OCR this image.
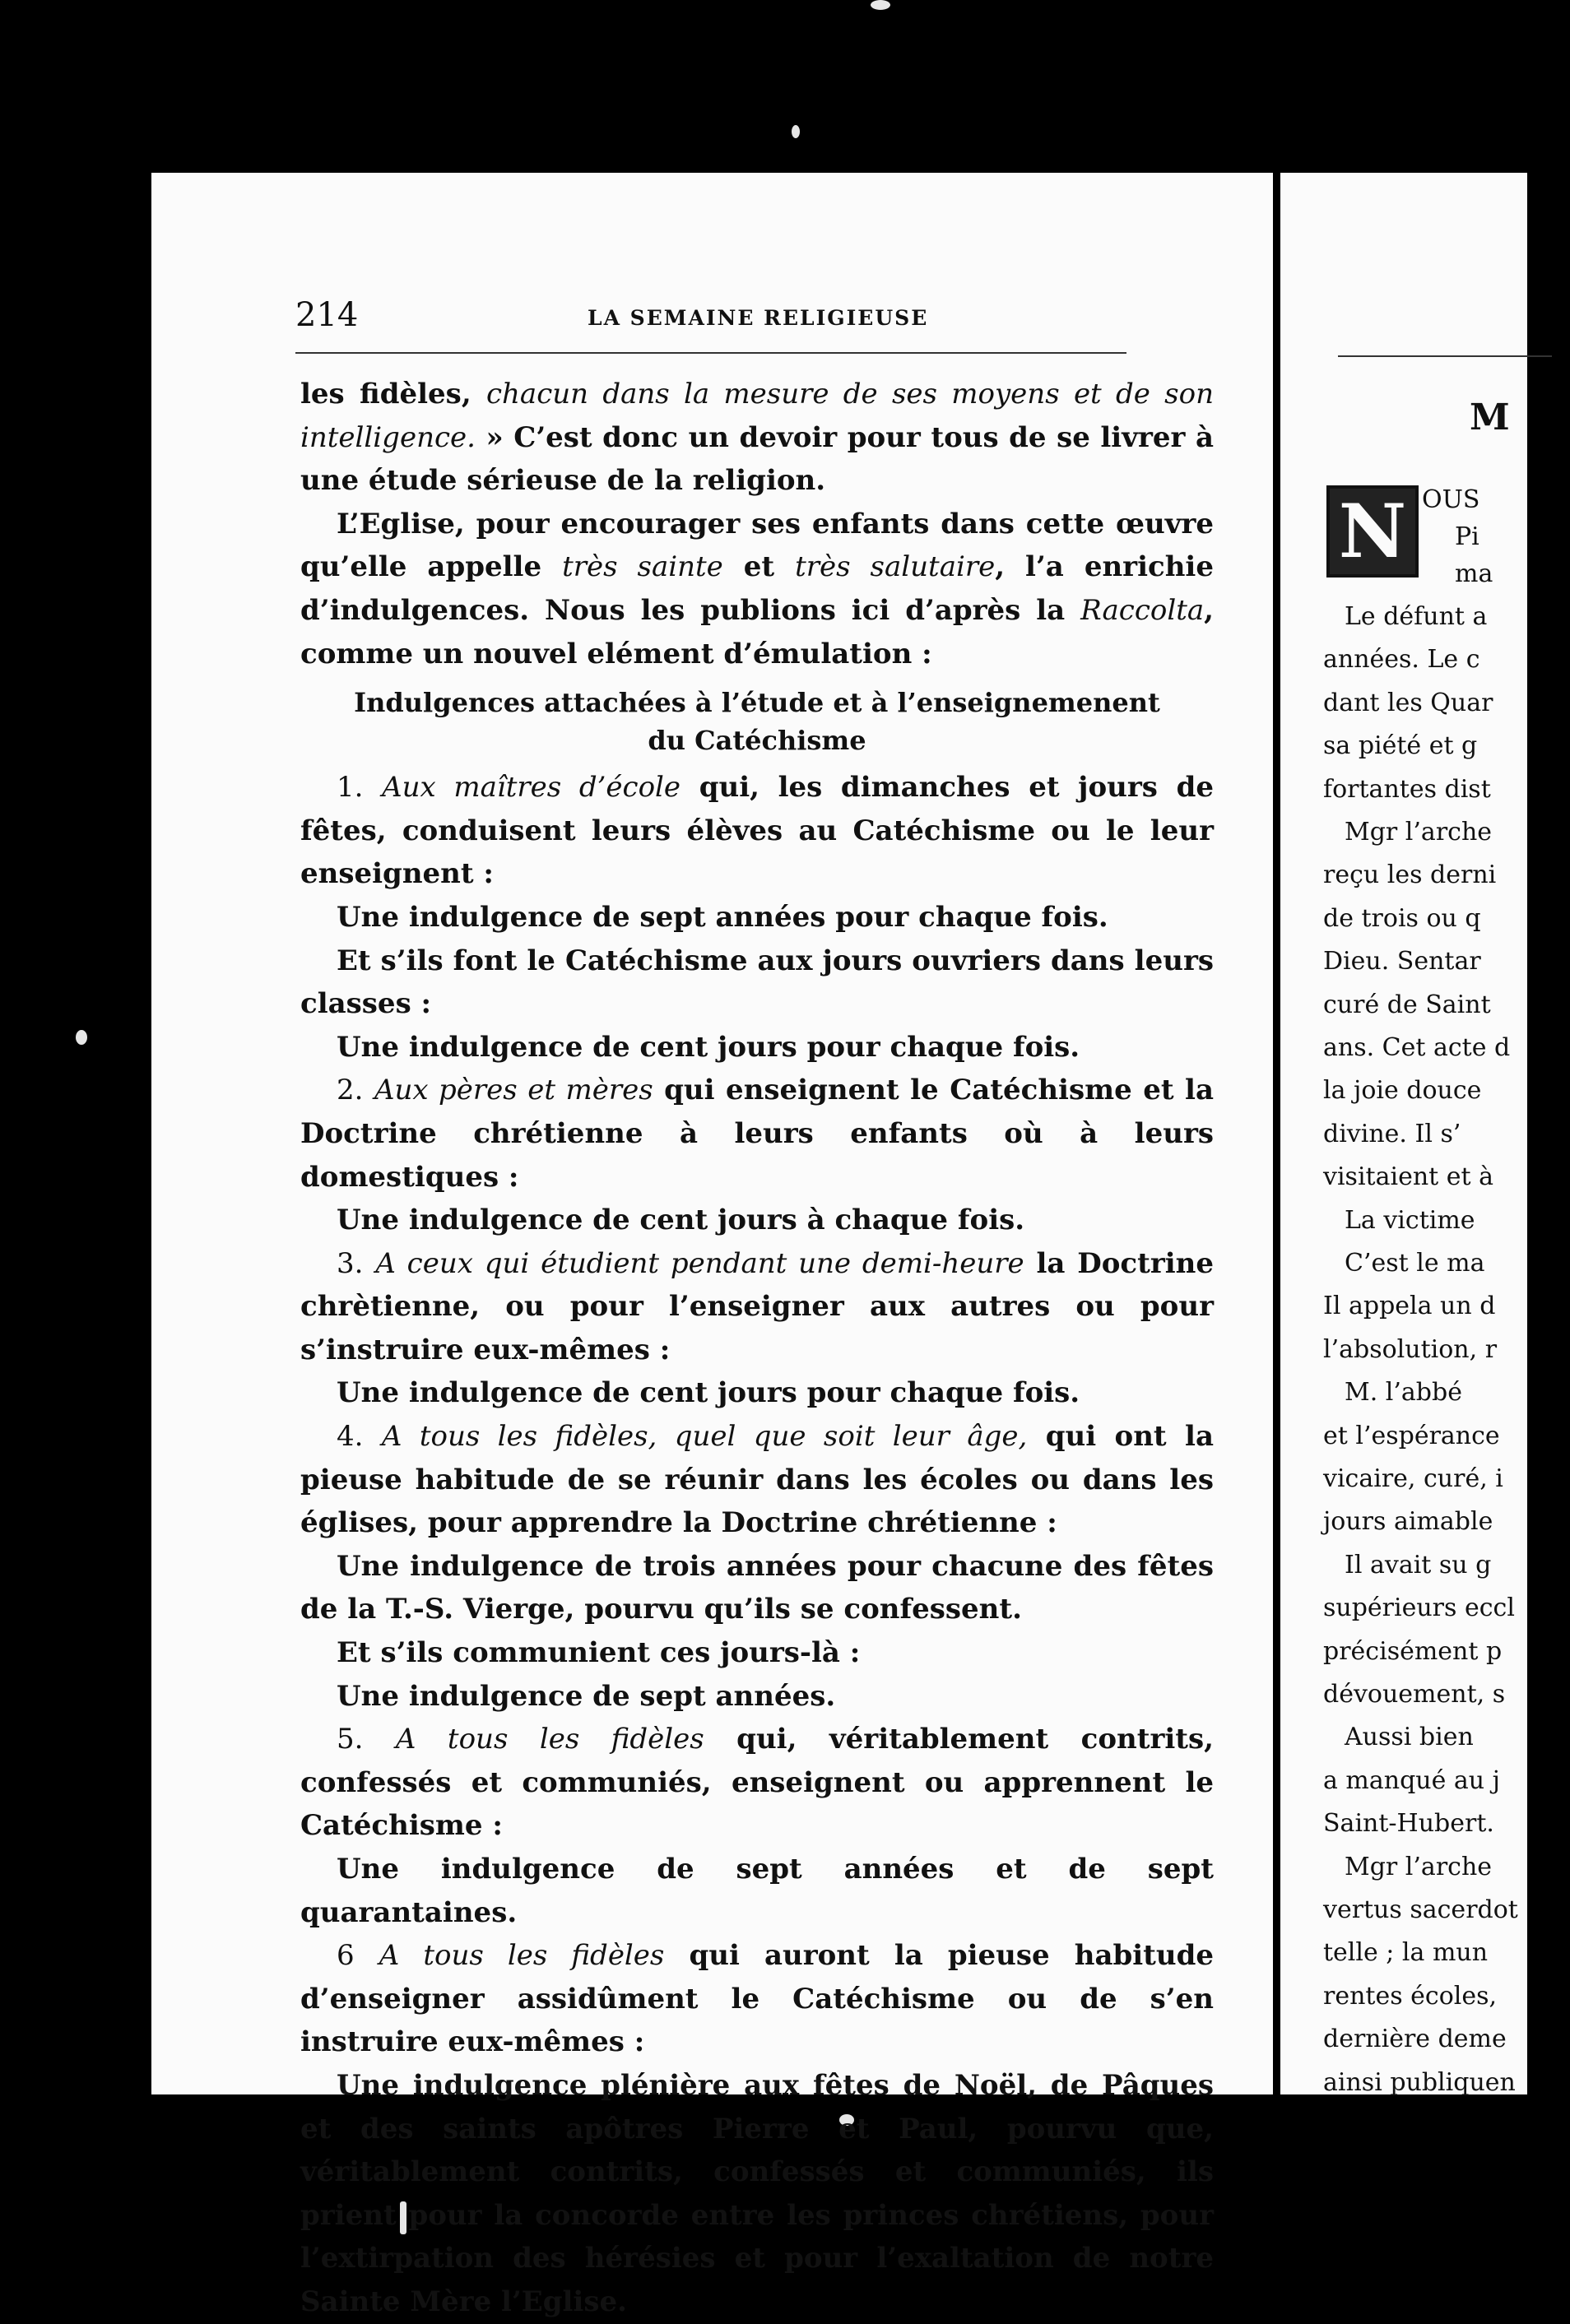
214	LA SEMAINE RELIGIEUSE

les fidèles, chacun dans la mesure de ses moyens et de son intelligence. » C’est donc un devoir pour tous de se livrer à une étude sérieuse de la religion.

L’Eglise, pour encourager ses enfants dans cette œuvre qu’elle appelle très sainte et très salutaire, l’a enrichie d’indulgences. Nous les publions ici d’après la Raccolta, comme un nouvel elément d’émulation :

Indulgences attachées à l’étude et à l’enseignemenent
du Catéchisme

1. Aux maîtres d’école qui, les dimanches et jours de fêtes, conduisent leurs élèves au Catéchisme ou le leur enseignent :

Une indulgence de sept années pour chaque fois.

Et s’ils font le Catéchisme aux jours ouvriers dans leurs classes :

Une indulgence de cent jours pour chaque fois.

2. Aux pères et mères qui enseignent le Catéchisme et la Doctrine chrétienne à leurs enfants où à leurs domestiques :

Une indulgence de cent jours à chaque fois.

3. A ceux qui étudient pendant une demi-heure la Doctrine chrètienne, ou pour l’enseigner aux autres ou pour s’instruire eux-mêmes :

Une indulgence de cent jours pour chaque fois.

4. A tous les fidèles, quel que soit leur âge, qui ont la pieuse habitude de se réunir dans les écoles ou dans les églises, pour apprendre la Doctrine chrétienne :

Une indulgence de trois années pour chacune des fêtes de la T.-S. Vierge, pourvu qu’ils se confessent.

Et s’ils communient ces jours-là :

Une indulgence de sept années.

5. A tous les fidèles qui, véritablement contrits, confessés et communiés, enseignent ou apprennent le Catéchisme :

Une indulgence de sept années et de sept quarantaines.

6 A tous les fidèles qui auront la pieuse habitude d’enseigner assidûment le Catéchisme ou de s’en instruire eux-mêmes :

Une indulgence plénière aux fêtes de Noël, de Pâques et des saints apôtres Pierre et Paul, pourvu que, véritablement contrits, confessés et communiés, ils prient pour la concorde entre les princes chrétiens, pour l’extirpation des hérésies et pour l’exaltation de notre Sainte Mère l’Eglise.

M
N OUS
Pi
ma
Le défunt a
années. Le c
dant les Quar
sa piété et g
fortantes dist
Mgr l’arche
reçu les derni
de trois ou q
Dieu. Sentar
curé de Saint
ans. Cet acte d
la joie douce
divine. Il s’
visitaient et à
La victime
C’est le ma
Il appela un d
l’absolution, r
M. l’abbé
et l’espérance
vicaire, curé, i
jours aimable
Il avait su g
supérieurs eccl
précisément p
dévouement, s
Aussi bien
a manqué au j
Saint-Hubert.
Mgr l’arche
vertus sacerdot
telle ; la mun
rentes écoles,
dernière deme
ainsi publiquen
